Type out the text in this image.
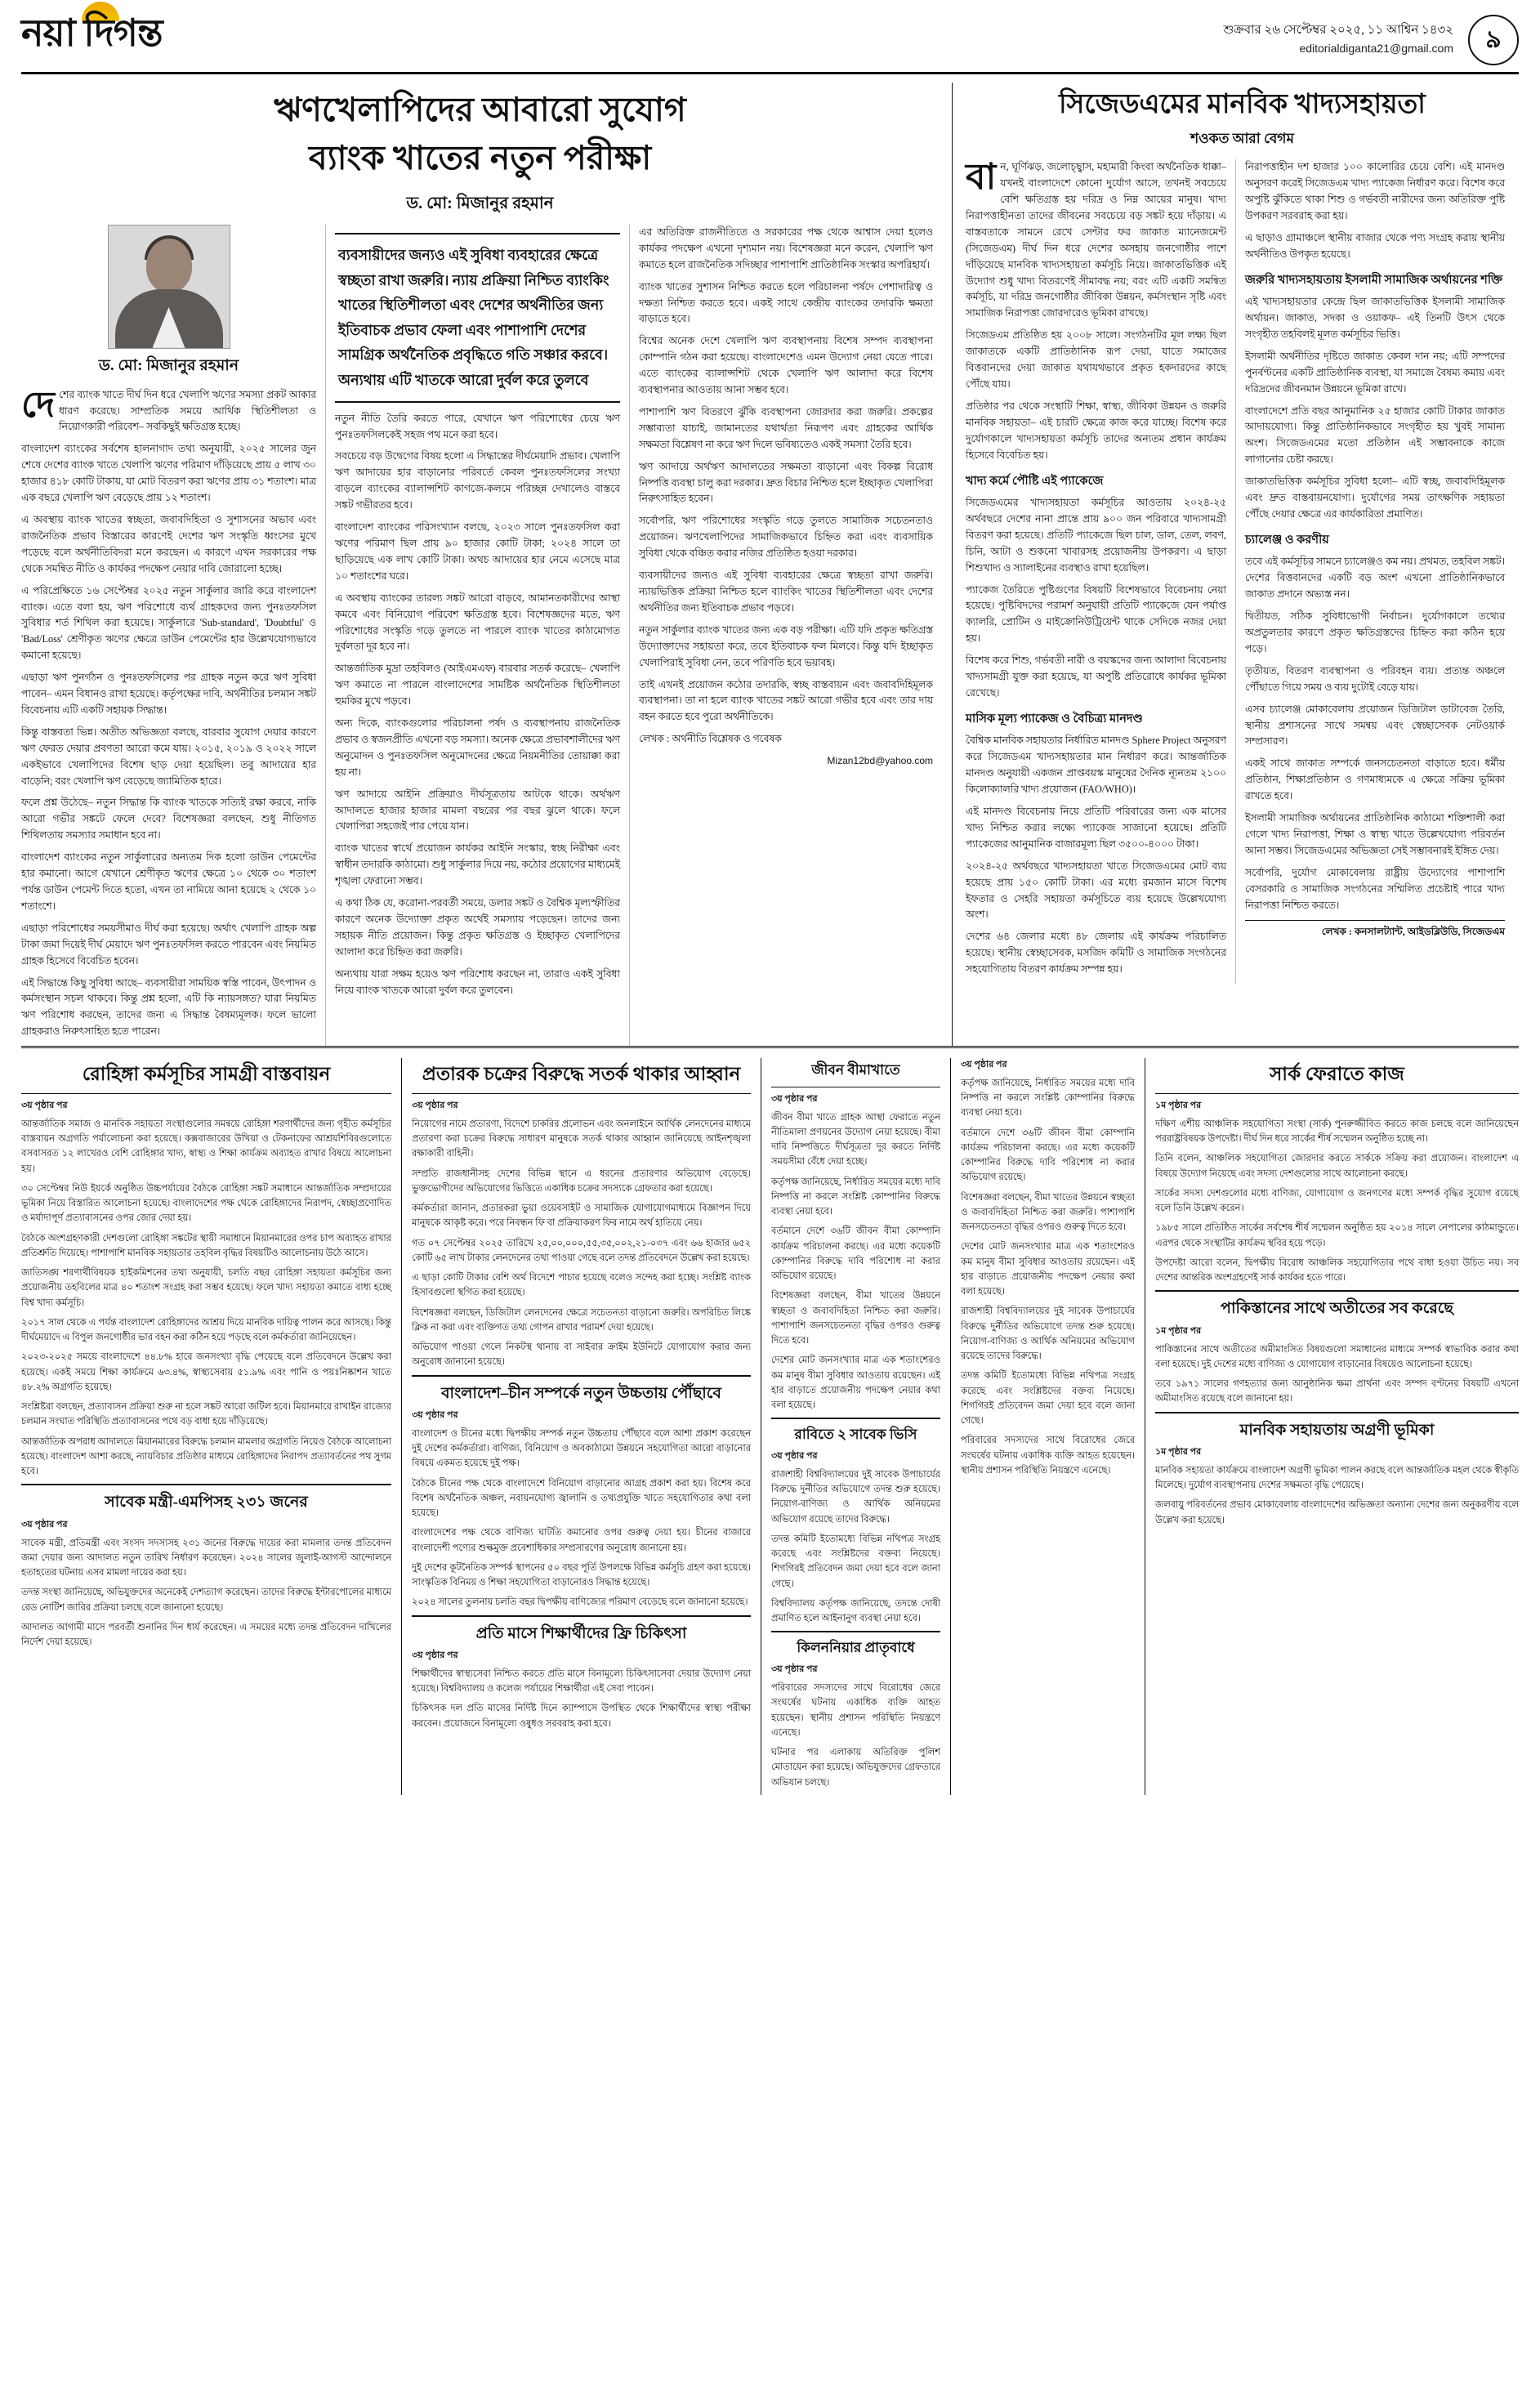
নয়া দিগন্ত	শুক্রবার ২৬ সেপ্টেম্বর ২০২৫, ১১ আশ্বিন ১৪৩২
editorialdiganta21@gmail.com	৯
ঋণখেলাপিদের আবারো সুযোগ
ব্যাংক খাতের নতুন পরীক্ষা
ড. মো: মিজানুর রহমান
ড. মো: মিজানুর রহমান

দেশের ব্যাংক খাতে দীর্ঘ দিন ধরে খেলাপি ঋণের সমস্যা প্রকট আকার ধারণ করেছে। সাম্প্রতিক সময়ে আর্থিক স্থিতিশীলতা ও নিয়োগকারী পরিবেশ– সবকিছুই ক্ষতিগ্রস্ত হচ্ছে।

বাংলাদেশ ব্যাংকের সর্বশেষ হালনাগাদ তথ্য অনুযায়ী, ২০২৫ সালের জুন শেষে দেশের ব্যাংক খাতে খেলাপি ঋণের পরিমাণ দাঁড়িয়েছে প্রায় ৫ লাখ ৩০ হাজার ৪১৮ কোটি টাকায়, যা মোট বিতরণ করা ঋণের প্রায় ৩১ শতাংশ। মাত্র এক বছরে খেলাপি ঋণ বেড়েছে প্রায় ১২ শতাংশ।

এ অবস্থায় ব্যাংক খাতের স্বচ্ছতা, জবাবদিহিতা ও সুশাসনের অভাব এবং রাজনৈতিক প্রভাব বিস্তারের কারণেই দেশের ঋণ সংস্কৃতি ধ্বংসের মুখে পড়েছে বলে অর্থনীতিবিদরা মনে করছেন। এ কারণে এখন সরকারের পক্ষ থেকে সমন্বিত নীতি ও কার্যকর পদক্ষেপ নেয়ার দাবি জোরালো হচ্ছে।

এ পরিপ্রেক্ষিতে ১৬ সেপ্টেম্বর ২০২৫ নতুন সার্কুলার জারি করে বাংলাদেশ ব্যাংক। এতে বলা হয়, ঋণ পরিশোধে ব্যর্থ গ্রাহকদের জন্য পুনঃতফসিল সুবিধার শর্ত শিথিল করা হয়েছে। সার্কুলারে 'Sub-standard', 'Doubtful' ও 'Bad/Loss' শ্রেণীকৃত ঋণের ক্ষেত্রে ডাউন পেমেন্টের হার উল্লেখযোগ্যভাবে কমানো হয়েছে।

এছাড়া ঋণ পুনর্গঠন ও পুনঃতফসিলের পর গ্রাহক নতুন করে ঋণ সুবিধা পাবেন– এমন বিধানও রাখা হয়েছে। কর্তৃপক্ষের দাবি, অর্থনীতির চলমান সঙ্কট বিবেচনায় এটি একটি সহায়ক সিদ্ধান্ত।

কিন্তু বাস্তবতা ভিন্ন। অতীত অভিজ্ঞতা বলছে, বারবার সুযোগ দেয়ার কারণে ঋণ ফেরত দেয়ার প্রবণতা আরো কমে যায়। ২০১৫, ২০১৯ ও ২০২২ সালে একইভাবে খেলাপিদের বিশেষ ছাড় দেয়া হয়েছিল। তবু আদায়ের হার বাড়েনি; বরং খেলাপি ঋণ বেড়েছে জ্যামিতিক হারে।

ফলে প্রশ্ন উঠেছে– নতুন সিদ্ধান্ত কি ব্যাংক খাতকে সত্যিই রক্ষা করবে, নাকি আরো গভীর সঙ্কটে ফেলে দেবে? বিশেষজ্ঞরা বলছেন, শুধু নীতিগত শিথিলতায় সমস্যার সমাধান হবে না।

বাংলাদেশ ব্যাংকের নতুন সার্কুলারের অন্যতম দিক হলো ডাউন পেমেন্টের হার কমানো। আগে যেখানে শ্রেণীকৃত ঋণের ক্ষেত্রে ১০ থেকে ৩০ শতাংশ পর্যন্ত ডাউন পেমেন্ট দিতে হতো, এখন তা নামিয়ে আনা হয়েছে ২ থেকে ১০ শতাংশে।

এছাড়া পরিশোধের সময়সীমাও দীর্ঘ করা হয়েছে। অর্থাৎ খেলাপি গ্রাহক অল্প টাকা জমা দিয়েই দীর্ঘ মেয়াদে ঋণ পুনঃতফসিল করতে পারবেন এবং নিয়মিত গ্রাহক হিসেবে বিবেচিত হবেন।

এই সিদ্ধান্তে কিছু সুবিধা আছে– ব্যবসায়ীরা সাময়িক স্বস্তি পাবেন, উৎপাদন ও কর্মসংস্থান সচল থাকবে। কিন্তু প্রশ্ন হলো, এটি কি ন্যায়সঙ্গত? যারা নিয়মিত ঋণ পরিশোধ করছেন, তাদের জন্য এ সিদ্ধান্ত বৈষম্যমূলক। ফলে ভালো গ্রাহকরাও নিরুৎসাহিত হতে পারেন।

ব্যবসায়ীদের জন্যও এই সুবিধা ব্যবহারের ক্ষেত্রে স্বচ্ছতা রাখা জরুরি। ন্যায় প্রক্রিয়া নিশ্চিত ব্যাংকিং খাতের স্থিতিশীলতা এবং দেশের অর্থনীতির জন্য ইতিবাচক প্রভাব ফেলা এবং পাশাপাশি দেশের সামগ্রিক অর্থনৈতিক প্রবৃদ্ধিতে গতি সঞ্চার করবে। অন্যথায় এটি খাতকে আরো দুর্বল করে তুলবে

নতুন নীতি তৈরি করতে পারে, যেখানে ঋণ পরিশোধের চেয়ে ঋণ পুনঃতফসিলকেই সহজ পথ মনে করা হবে।

সবচেয়ে বড় উদ্বেগের বিষয় হলো এ সিদ্ধান্তের দীর্ঘমেয়াদি প্রভাব। খেলাপি ঋণ আদায়ের হার বাড়ানোর পরিবর্তে কেবল পুনঃতফসিলের সংখ্যা বাড়লে ব্যাংকের ব্যালান্সশিট কাগজে-কলমে পরিচ্ছন্ন দেখালেও বাস্তবে সঙ্কট গভীরতর হবে।

বাংলাদেশ ব্যাংকের পরিসংখ্যান বলছে, ২০২৩ সালে পুনঃতফসিল করা ঋণের পরিমাণ ছিল প্রায় ৯০ হাজার কোটি টাকা; ২০২৪ সালে তা ছাড়িয়েছে এক লাখ কোটি টাকা। অথচ আদায়ের হার নেমে এসেছে মাত্র ১০ শতাংশের ঘরে।

এ অবস্থায় ব্যাংকের তারল্য সঙ্কট আরো বাড়বে, আমানতকারীদের আস্থা কমবে এবং বিনিয়োগ পরিবেশ ক্ষতিগ্রস্ত হবে। বিশেষজ্ঞদের মতে, ঋণ পরিশোধের সংস্কৃতি গড়ে তুলতে না পারলে ব্যাংক খাতের কাঠামোগত দুর্বলতা দূর হবে না।

আন্তর্জাতিক মুদ্রা তহবিলও (আইএমএফ) বারবার সতর্ক করেছে– খেলাপি ঋণ কমাতে না পারলে বাংলাদেশের সামষ্টিক অর্থনৈতিক স্থিতিশীলতা হুমকির মুখে পড়বে।

অন্য দিকে, ব্যাংকগুলোর পরিচালনা পর্ষদ ও ব্যবস্থাপনায় রাজনৈতিক প্রভাব ও স্বজনপ্রীতি এখনো বড় সমস্যা। অনেক ক্ষেত্রে প্রভাবশালীদের ঋণ অনুমোদন ও পুনঃতফসিল অনুমোদনের ক্ষেত্রে নিয়মনীতির তোয়াক্কা করা হয় না।

ঋণ আদায়ে আইনি প্রক্রিয়াও দীর্ঘসূত্রতায় আটকে থাকে। অর্থঋণ আদালতে হাজার হাজার মামলা বছরের পর বছর ঝুলে থাকে। ফলে খেলাপিরা সহজেই পার পেয়ে যান।

ব্যাংক খাতের স্বার্থে প্রয়োজন কার্যকর আইনি সংস্কার, স্বচ্ছ নিরীক্ষা এবং স্বাধীন তদারকি কাঠামো। শুধু সার্কুলার দিয়ে নয়, কঠোর প্রয়োগের মাধ্যমেই শৃঙ্খলা ফেরানো সম্ভব।

এ কথা ঠিক যে, করোনা-পরবর্তী সময়ে, ডলার সঙ্কট ও বৈশ্বিক মূল্যস্ফীতির কারণে অনেক উদ্যোক্তা প্রকৃত অর্থেই সমস্যায় পড়েছেন। তাদের জন্য সহায়ক নীতি প্রয়োজন। কিন্তু প্রকৃত ক্ষতিগ্রস্ত ও ইচ্ছাকৃত খেলাপিদের আলাদা করে চিহ্নিত করা জরুরি।

অন্যথায় যারা সক্ষম হয়েও ঋণ পরিশোধ করছেন না, তারাও একই সুবিধা নিয়ে ব্যাংক খাতকে আরো দুর্বল করে তুলবেন।

এর অতিরিক্ত রাজনীতিতে ও সরকারের পক্ষ থেকে আশ্বাস দেয়া হলেও কার্যকর পদক্ষেপ এখনো দৃশ্যমান নয়। বিশেষজ্ঞরা মনে করেন, খেলাপি ঋণ কমাতে হলে রাজনৈতিক সদিচ্ছার পাশাপাশি প্রাতিষ্ঠানিক সংস্কার অপরিহার্য।

ব্যাংক খাতের সুশাসন নিশ্চিত করতে হলে পরিচালনা পর্ষদে পেশাদারিত্ব ও দক্ষতা নিশ্চিত করতে হবে। একই সাথে কেন্দ্রীয় ব্যাংকের তদারকি ক্ষমতা বাড়াতে হবে।

বিশ্বের অনেক দেশে খেলাপি ঋণ ব্যবস্থাপনায় বিশেষ সম্পদ ব্যবস্থাপনা কোম্পানি গঠন করা হয়েছে। বাংলাদেশেও এমন উদ্যোগ নেয়া যেতে পারে। এতে ব্যাংকের ব্যালান্সশিট থেকে খেলাপি ঋণ আলাদা করে বিশেষ ব্যবস্থাপনার আওতায় আনা সম্ভব হবে।

পাশাপাশি ঋণ বিতরণে ঝুঁকি ব্যবস্থাপনা জোরদার করা জরুরি। প্রকল্পের সম্ভাব্যতা যাচাই, জামানতের যথার্থতা নিরূপণ এবং গ্রাহকের আর্থিক সক্ষমতা বিশ্লেষণ না করে ঋণ দিলে ভবিষ্যতেও একই সমস্যা তৈরি হবে।

ঋণ আদায়ে অর্থঋণ আদালতের সক্ষমতা বাড়ানো এবং বিকল্প বিরোধ নিষ্পত্তি ব্যবস্থা চালু করা দরকার। দ্রুত বিচার নিশ্চিত হলে ইচ্ছাকৃত খেলাপিরা নিরুৎসাহিত হবেন।

সর্বোপরি, ঋণ পরিশোধের সংস্কৃতি গড়ে তুলতে সামাজিক সচেতনতাও প্রয়োজন। ঋণখেলাপিদের সামাজিকভাবে চিহ্নিত করা এবং ব্যবসায়িক সুবিধা থেকে বঞ্চিত করার নজির প্রতিষ্ঠিত হওয়া দরকার।

ব্যবসায়ীদের জন্যও এই সুবিধা ব্যবহারের ক্ষেত্রে স্বচ্ছতা রাখা জরুরি। ন্যায়ভিত্তিক প্রক্রিয়া নিশ্চিত হলে ব্যাংকিং খাতের স্থিতিশীলতা এবং দেশের অর্থনীতির জন্য ইতিবাচক প্রভাব পড়বে।

নতুন সার্কুলার ব্যাংক খাতের জন্য এক বড় পরীক্ষা। এটি যদি প্রকৃত ক্ষতিগ্রস্ত উদ্যোক্তাদের সহায়তা করে, তবে ইতিবাচক ফল মিলবে। কিন্তু যদি ইচ্ছাকৃত খেলাপিরাই সুবিধা নেন, তবে পরিণতি হবে ভয়াবহ।

তাই এখনই প্রয়োজন কঠোর তদারকি, স্বচ্ছ বাস্তবায়ন এবং জবাবদিহিমূলক ব্যবস্থাপনা। তা না হলে ব্যাংক খাতের সঙ্কট আরো গভীর হবে এবং তার দায় বহন করতে হবে পুরো অর্থনীতিকে।

লেখক : অর্থনীতি বিশ্লেষক ও গবেষক

Mizan12bd@yahoo.com
সিজেডএমের মানবিক খাদ্যসহায়তা
শওকত আরা বেগম

বান, ঘূর্ণিঝড়, জলোচ্ছ্বাস, মহামারী কিংবা অর্থনৈতিক ধাক্কা– যখনই বাংলাদেশে কোনো দুর্যোগ আসে, তখনই সবচেয়ে বেশি ক্ষতিগ্রস্ত হয় দরিদ্র ও নিম্ন আয়ের মানুষ। খাদ্য নিরাপত্তাহীনতা তাদের জীবনের সবচেয়ে বড় সঙ্কট হয়ে দাঁড়ায়। এ বাস্তবতাকে সামনে রেখে সেন্টার ফর জাকাত ম্যানেজমেন্ট (সিজেডএম) দীর্ঘ দিন ধরে দেশের অসহায় জনগোষ্ঠীর পাশে দাঁড়িয়েছে মানবিক খাদ্যসহায়তা কর্মসূচি নিয়ে। জাকাতভিত্তিক এই উদ্যোগ শুধু খাদ্য বিতরণেই সীমাবদ্ধ নয়; বরং এটি একটি সমন্বিত কর্মসূচি, যা দরিদ্র জনগোষ্ঠীর জীবিকা উন্নয়ন, কর্মসংস্থান সৃষ্টি এবং সামাজিক নিরাপত্তা জোরদারেও ভূমিকা রাখছে।

সিজেডএম প্রতিষ্ঠিত হয় ২০০৮ সালে। সংগঠনটির মূল লক্ষ্য ছিল জাকাতকে একটি প্রাতিষ্ঠানিক রূপ দেয়া, যাতে সমাজের বিত্তবানদের দেয়া জাকাত যথাযথভাবে প্রকৃত হকদারদের কাছে পৌঁছে যায়।

প্রতিষ্ঠার পর থেকে সংস্থাটি শিক্ষা, স্বাস্থ্য, জীবিকা উন্নয়ন ও জরুরি মানবিক সহায়তা– এই চারটি ক্ষেত্রে কাজ করে যাচ্ছে। বিশেষ করে দুর্যোগকালে খাদ্যসহায়তা কর্মসূচি তাদের অন্যতম প্রধান কার্যক্রম হিসেবে বিবেচিত হয়।

খাদ্য কর্মে পৌষ্টি এই প্যাকেজে

সিজেডএমের খাদ্যসহায়তা কর্মসূচির আওতায় ২০২৪-২৫ অর্থবছরে দেশের নানা প্রান্তে প্রায় ৯০০ জন পরিবারে খাদ্যসামগ্রী বিতরণ করা হয়েছে। প্রতিটি প্যাকেজে ছিল চাল, ডাল, তেল, লবণ, চিনি, আটা ও শুকনো খাবারসহ প্রয়োজনীয় উপকরণ। এ ছাড়া শিশুখাদ্য ও স্যালাইনের ব্যবস্থাও রাখা হয়েছিল।

প্যাকেজ তৈরিতে পুষ্টিগুণের বিষয়টি বিশেষভাবে বিবেচনায় নেয়া হয়েছে। পুষ্টিবিদদের পরামর্শ অনুযায়ী প্রতিটি প্যাকেজে যেন পর্যাপ্ত ক্যালরি, প্রোটিন ও মাইক্রোনিউট্রিয়েন্ট থাকে সেদিকে নজর দেয়া হয়।

বিশেষ করে শিশু, গর্ভবতী নারী ও বয়স্কদের জন্য আলাদা বিবেচনায় খাদ্যসামগ্রী যুক্ত করা হয়েছে, যা অপুষ্টি প্রতিরোধে কার্যকর ভূমিকা রেখেছে।

মাসিক মূল্য প্যাকেজ ও বৈচিত্র্য মানদণ্ড

বৈশ্বিক মানবিক সহায়তার নির্ধারিত মানদণ্ড Sphere Project অনুসরণ করে সিজেডএম খাদ্যসহায়তার মান নির্ধারণ করে। আন্তর্জাতিক মানদণ্ড অনুযায়ী একজন প্রাপ্তবয়স্ক মানুষের দৈনিক ন্যূনতম ২১০০ কিলোক্যালরি খাদ্য প্রয়োজন (FAO/WHO)।

এই মানদণ্ড বিবেচনায় নিয়ে প্রতিটি পরিবারের জন্য এক মাসের খাদ্য নিশ্চিত করার লক্ষ্যে প্যাকেজ সাজানো হয়েছে। প্রতিটি প্যাকেজের আনুমানিক বাজারমূল্য ছিল ৩৫০০-৪০০০ টাকা।

২০২৪-২৫ অর্থবছরে খাদ্যসহায়তা খাতে সিজেডএমের মোট ব্যয় হয়েছে প্রায় ১৫০ কোটি টাকা। এর মধ্যে রমজান মাসে বিশেষ ইফতার ও সেহরি সহায়তা কর্মসূচিতে ব্যয় হয়েছে উল্লেখযোগ্য অংশ।

দেশের ৬৪ জেলার মধ্যে ৪৮ জেলায় এই কার্যক্রম পরিচালিত হয়েছে। স্থানীয় স্বেচ্ছাসেবক, মসজিদ কমিটি ও সামাজিক সংগঠনের সহযোগিতায় বিতরণ কার্যক্রম সম্পন্ন হয়।

নিরাপত্তাহীন দশ হাজার ১০০ কালোরির চেয়ে বেশি। এই মানদণ্ড অনুসরণ করেই সিজেডএম খাদ্য প্যাকেজ নির্ধারণ করে। বিশেষ করে অপুষ্টি ঝুঁকিতে থাকা শিশু ও গর্ভবতী নারীদের জন্য অতিরিক্ত পুষ্টি উপকরণ সরবরাহ করা হয়।

এ ছাড়াও গ্রামাঞ্চলে স্থানীয় বাজার থেকে পণ্য সংগ্রহ করায় স্থানীয় অর্থনীতিও উপকৃত হয়েছে।

জরুরি খাদ্যসহায়তায় ইসলামী সামাজিক অর্থায়নের শক্তি

এই খাদ্যসহায়তার কেন্দ্রে ছিল জাকাতভিত্তিক ইসলামী সামাজিক অর্থায়ন। জাকাত, সদকা ও ওয়াকফ– এই তিনটি উৎস থেকে সংগৃহীত তহবিলই মূলত কর্মসূচির ভিত্তি।

ইসলামী অর্থনীতির দৃষ্টিতে জাকাত কেবল দান নয়; এটি সম্পদের পুনর্বণ্টনের একটি প্রাতিষ্ঠানিক ব্যবস্থা, যা সমাজে বৈষম্য কমায় এবং দরিদ্রদের জীবনমান উন্নয়নে ভূমিকা রাখে।

বাংলাদেশে প্রতি বছর আনুমানিক ২৫ হাজার কোটি টাকার জাকাত আদায়যোগ্য। কিন্তু প্রাতিষ্ঠানিকভাবে সংগৃহীত হয় খুবই সামান্য অংশ। সিজেডএমের মতো প্রতিষ্ঠান এই সম্ভাবনাকে কাজে লাগানোর চেষ্টা করছে।

জাকাতভিত্তিক কর্মসূচির সুবিধা হলো– এটি স্বচ্ছ, জবাবদিহিমূলক এবং দ্রুত বাস্তবায়নযোগ্য। দুর্যোগের সময় তাৎক্ষণিক সহায়তা পৌঁছে দেয়ার ক্ষেত্রে এর কার্যকারিতা প্রমাণিত।

চ্যালেঞ্জ ও করণীয়

তবে এই কর্মসূচির সামনে চ্যালেঞ্জও কম নয়। প্রথমত, তহবিল সঙ্কট। দেশের বিত্তবানদের একটি বড় অংশ এখনো প্রাতিষ্ঠানিকভাবে জাকাত প্রদানে অভ্যস্ত নন।

দ্বিতীয়ত, সঠিক সুবিধাভোগী নির্বাচন। দুর্যোগকালে তথ্যের অপ্রতুলতার কারণে প্রকৃত ক্ষতিগ্রস্তদের চিহ্নিত করা কঠিন হয়ে পড়ে।

তৃতীয়ত, বিতরণ ব্যবস্থাপনা ও পরিবহন ব্যয়। প্রত্যন্ত অঞ্চলে পৌঁছাতে গিয়ে সময় ও ব্যয় দুটোই বেড়ে যায়।

এসব চ্যালেঞ্জ মোকাবেলায় প্রয়োজন ডিজিটাল ডাটাবেজ তৈরি, স্থানীয় প্রশাসনের সাথে সমন্বয় এবং স্বেচ্ছাসেবক নেটওয়ার্ক সম্প্রসারণ।

একই সাথে জাকাত সম্পর্কে জনসচেতনতা বাড়াতে হবে। ধর্মীয় প্রতিষ্ঠান, শিক্ষাপ্রতিষ্ঠান ও গণমাধ্যমকে এ ক্ষেত্রে সক্রিয় ভূমিকা রাখতে হবে।

ইসলামী সামাজিক অর্থায়নের প্রাতিষ্ঠানিক কাঠামো শক্তিশালী করা গেলে খাদ্য নিরাপত্তা, শিক্ষা ও স্বাস্থ্য খাতে উল্লেখযোগ্য পরিবর্তন আনা সম্ভব। সিজেডএমের অভিজ্ঞতা সেই সম্ভাবনারই ইঙ্গিত দেয়।

সর্বোপরি, দুর্যোগ মোকাবেলায় রাষ্ট্রীয় উদ্যোগের পাশাপাশি বেসরকারি ও সামাজিক সংগঠনের সম্মিলিত প্রচেষ্টাই পারে খাদ্য নিরাপত্তা নিশ্চিত করতে।

লেখক : কনসালট্যান্ট, আইডব্লিউডি, সিজেডএম
রোহিঙ্গা কর্মসূচির সামগ্রী বাস্তবায়ন
৩য় পৃষ্ঠার পর

আন্তর্জাতিক সমাজ ও মানবিক সহায়তা সংস্থাগুলোর সমন্বয়ে রোহিঙ্গা শরণার্থীদের জন্য গৃহীত কর্মসূচির বাস্তবায়ন অগ্রগতি পর্যালোচনা করা হয়েছে। কক্সবাজারের উখিয়া ও টেকনাফের আশ্রয়শিবিরগুলোতে বসবাসরত ১২ লাখেরও বেশি রোহিঙ্গার খাদ্য, স্বাস্থ্য ও শিক্ষা কার্যক্রম অব্যাহত রাখার বিষয়ে আলোচনা হয়।

৩০ সেপ্টেম্বর নিউ ইয়র্কে অনুষ্ঠিত উচ্চপর্যায়ের বৈঠকে রোহিঙ্গা সঙ্কট সমাধানে আন্তর্জাতিক সম্প্রদায়ের ভূমিকা নিয়ে বিস্তারিত আলোচনা হয়েছে। বাংলাদেশের পক্ষ থেকে রোহিঙ্গাদের নিরাপদ, স্বেচ্ছাপ্রণোদিত ও মর্যাদাপূর্ণ প্রত্যাবাসনের ওপর জোর দেয়া হয়।

বৈঠকে অংশগ্রহণকারী দেশগুলো রোহিঙ্গা সঙ্কটের স্থায়ী সমাধানে মিয়ানমারের ওপর চাপ অব্যাহত রাখার প্রতিশ্রুতি দিয়েছে। পাশাপাশি মানবিক সহায়তার তহবিল বৃদ্ধির বিষয়টিও আলোচনায় উঠে আসে।

জাতিসঙ্ঘ শরণার্থীবিষয়ক হাইকমিশনের তথ্য অনুযায়ী, চলতি বছর রোহিঙ্গা সহায়তা কর্মসূচির জন্য প্রয়োজনীয় তহবিলের মাত্র ৪০ শতাংশ সংগ্রহ করা সম্ভব হয়েছে। ফলে খাদ্য সহায়তা কমাতে বাধ্য হচ্ছে বিশ্ব খাদ্য কর্মসূচি।

২০১৭ সাল থেকে এ পর্যন্ত বাংলাদেশ রোহিঙ্গাদের আশ্রয় দিয়ে মানবিক দায়িত্ব পালন করে আসছে। কিন্তু দীর্ঘমেয়াদে এ বিপুল জনগোষ্ঠীর ভার বহন করা কঠিন হয়ে পড়ছে বলে কর্মকর্তারা জানিয়েছেন।

২০২৩-২০২৫ সময়ে বাংলাদেশে ৪৪.৮% হারে জনসংখ্যা বৃদ্ধি পেয়েছে বলে প্রতিবেদনে উল্লেখ করা হয়েছে। একই সময়ে শিক্ষা কার্যক্রমে ৬৩.৪%, স্বাস্থ্যসেবায় ৫১.৯% এবং পানি ও পয়ঃনিষ্কাশন খাতে ৪৮.২% অগ্রগতি হয়েছে।

সংশ্লিষ্টরা বলছেন, প্রত্যাবাসন প্রক্রিয়া শুরু না হলে সঙ্কট আরো জটিল হবে। মিয়ানমারে রাখাইন রাজ্যের চলমান সংঘাত পরিস্থিতি প্রত্যাবাসনের পথে বড় বাধা হয়ে দাঁড়িয়েছে।

আন্তর্জাতিক অপরাধ আদালতে মিয়ানমারের বিরুদ্ধে চলমান মামলার অগ্রগতি নিয়েও বৈঠকে আলোচনা হয়েছে। বাংলাদেশ আশা করছে, ন্যায়বিচার প্রতিষ্ঠার মাধ্যমে রোহিঙ্গাদের নিরাপদ প্রত্যাবর্তনের পথ সুগম হবে।

সাবেক মন্ত্রী-এমপিসহ ২৩১ জনের
৩য় পৃষ্ঠার পর

সাবেক মন্ত্রী, প্রতিমন্ত্রী এবং সংসদ সদস্যসহ ২৩১ জনের বিরুদ্ধে দায়ের করা মামলার তদন্ত প্রতিবেদন জমা দেয়ার জন্য আদালত নতুন তারিখ নির্ধারণ করেছেন। ২০২৪ সালের জুলাই-আগস্ট আন্দোলনে হতাহতের ঘটনায় এসব মামলা দায়ের করা হয়।

তদন্ত সংস্থা জানিয়েছে, অভিযুক্তদের অনেকেই দেশত্যাগ করেছেন। তাদের বিরুদ্ধে ইন্টারপোলের মাধ্যমে রেড নোটিশ জারির প্রক্রিয়া চলছে বলে জানানো হয়েছে।

আদালত আগামী মাসে পরবর্তী শুনানির দিন ধার্য করেছেন। এ সময়ের মধ্যে তদন্ত প্রতিবেদন দাখিলের নির্দেশ দেয়া হয়েছে।

প্রতারক চক্রের বিরুদ্ধে সতর্ক থাকার আহ্বান
৩য় পৃষ্ঠার পর

নিয়োগের নামে প্রতারণা, বিদেশে চাকরির প্রলোভন এবং অনলাইনে আর্থিক লেনদেনের মাধ্যমে প্রতারণা করা চক্রের বিরুদ্ধে সাধারণ মানুষকে সতর্ক থাকার আহ্বান জানিয়েছে আইনশৃঙ্খলা রক্ষাকারী বাহিনী।

সম্প্রতি রাজধানীসহ দেশের বিভিন্ন স্থানে এ ধরনের প্রতারণার অভিযোগ বেড়েছে। ভুক্তভোগীদের অভিযোগের ভিত্তিতে একাধিক চক্রের সদস্যকে গ্রেফতার করা হয়েছে।

কর্মকর্তারা জানান, প্রতারকরা ভুয়া ওয়েবসাইট ও সামাজিক যোগাযোগমাধ্যমে বিজ্ঞাপন দিয়ে মানুষকে আকৃষ্ট করে। পরে নিবন্ধন ফি বা প্রক্রিয়াকরণ ফির নামে অর্থ হাতিয়ে নেয়।

গত ০৭ সেপ্টেম্বর ২০২৫ তারিখে ২৫,০০,০০০,৫৫,৩৫,০০২,২১-০৩৭ এবং ৬৬ হাজার ৬৫২ কোটি ৬৫ লাখ টাকার লেনদেনের তথ্য পাওয়া গেছে বলে তদন্ত প্রতিবেদনে উল্লেখ করা হয়েছে।

এ ছাড়া কোটি টাকার বেশি অর্থ বিদেশে পাচার হয়েছে বলেও সন্দেহ করা হচ্ছে। সংশ্লিষ্ট ব্যাংক হিসাবগুলো স্থগিত করা হয়েছে।

বিশেষজ্ঞরা বলছেন, ডিজিটাল লেনদেনের ক্ষেত্রে সচেতনতা বাড়ানো জরুরি। অপরিচিত লিঙ্কে ক্লিক না করা এবং ব্যক্তিগত তথ্য গোপন রাখার পরামর্শ দেয়া হয়েছে।

অভিযোগ পাওয়া গেলে নিকটস্থ থানায় বা সাইবার ক্রাইম ইউনিটে যোগাযোগ করার জন্য অনুরোধ জানানো হয়েছে।

বাংলাদেশ–চীন সম্পর্কে নতুন উচ্চতায় পৌঁছাবে
৩য় পৃষ্ঠার পর

বাংলাদেশ ও চীনের মধ্যে দ্বিপক্ষীয় সম্পর্ক নতুন উচ্চতায় পৌঁছাবে বলে আশা প্রকাশ করেছেন দুই দেশের কর্মকর্তারা। বাণিজ্য, বিনিয়োগ ও অবকাঠামো উন্নয়নে সহযোগিতা আরো বাড়ানোর বিষয়ে একমত হয়েছে দুই পক্ষ।

বৈঠকে চীনের পক্ষ থেকে বাংলাদেশে বিনিয়োগ বাড়ানোর আগ্রহ প্রকাশ করা হয়। বিশেষ করে বিশেষ অর্থনৈতিক অঞ্চল, নবায়নযোগ্য জ্বালানি ও তথ্যপ্রযুক্তি খাতে সহযোগিতার কথা বলা হয়েছে।

বাংলাদেশের পক্ষ থেকে বাণিজ্য ঘাটতি কমানোর ওপর গুরুত্ব দেয়া হয়। চীনের বাজারে বাংলাদেশী পণ্যের শুল্কমুক্ত প্রবেশাধিকার সম্প্রসারণের অনুরোধ জানানো হয়।

দুই দেশের কূটনৈতিক সম্পর্ক স্থাপনের ৫০ বছর পূর্তি উপলক্ষে বিভিন্ন কর্মসূচি গ্রহণ করা হয়েছে। সাংস্কৃতিক বিনিময় ও শিক্ষা সহযোগিতা বাড়ানোরও সিদ্ধান্ত হয়েছে।

২০২৪ সালের তুলনায় চলতি বছর দ্বিপক্ষীয় বাণিজ্যের পরিমাণ বেড়েছে বলে জানানো হয়েছে।

প্রতি মাসে শিক্ষার্থীদের ফ্রি চিকিৎসা
৩য় পৃষ্ঠার পর

শিক্ষার্থীদের স্বাস্থ্যসেবা নিশ্চিত করতে প্রতি মাসে বিনামূল্যে চিকিৎসাসেবা দেয়ার উদ্যোগ নেয়া হয়েছে। বিশ্ববিদ্যালয় ও কলেজ পর্যায়ের শিক্ষার্থীরা এই সেবা পাবেন।

চিকিৎসক দল প্রতি মাসের নির্দিষ্ট দিনে ক্যাম্পাসে উপস্থিত থেকে শিক্ষার্থীদের স্বাস্থ্য পরীক্ষা করবেন। প্রয়োজনে বিনামূল্যে ওষুধও সরবরাহ করা হবে।

জীবন বীমাখাতে
৩য় পৃষ্ঠার পর

জীবন বীমা খাতে গ্রাহক আস্থা ফেরাতে নতুন নীতিমালা প্রণয়নের উদ্যোগ নেয়া হয়েছে। বীমা দাবি নিষ্পত্তিতে দীর্ঘসূত্রতা দূর করতে নির্দিষ্ট সময়সীমা বেঁধে দেয়া হচ্ছে।

কর্তৃপক্ষ জানিয়েছে, নির্ধারিত সময়ের মধ্যে দাবি নিষ্পত্তি না করলে সংশ্লিষ্ট কোম্পানির বিরুদ্ধে ব্যবস্থা নেয়া হবে।

বর্তমানে দেশে ৩৬টি জীবন বীমা কোম্পানি কার্যক্রম পরিচালনা করছে। এর মধ্যে কয়েকটি কোম্পানির বিরুদ্ধে দাবি পরিশোধ না করার অভিযোগ রয়েছে।

বিশেষজ্ঞরা বলছেন, বীমা খাতের উন্নয়নে স্বচ্ছতা ও জবাবদিহিতা নিশ্চিত করা জরুরি। পাশাপাশি জনসচেতনতা বৃদ্ধির ওপরও গুরুত্ব দিতে হবে।

দেশের মোট জনসংখ্যার মাত্র এক শতাংশেরও কম মানুষ বীমা সুবিধার আওতায় রয়েছেন। এই হার বাড়াতে প্রয়োজনীয় পদক্ষেপ নেয়ার কথা বলা হয়েছে।

রাবিতে ২ সাবেক ভিসি
৩য় পৃষ্ঠার পর

রাজশাহী বিশ্ববিদ্যালয়ের দুই সাবেক উপাচার্যের বিরুদ্ধে দুর্নীতির অভিযোগে তদন্ত শুরু হয়েছে। নিয়োগ-বাণিজ্য ও আর্থিক অনিয়মের অভিযোগ রয়েছে তাদের বিরুদ্ধে।

তদন্ত কমিটি ইতোমধ্যে বিভিন্ন নথিপত্র সংগ্রহ করেছে এবং সংশ্লিষ্টদের বক্তব্য নিয়েছে। শিগগিরই প্রতিবেদন জমা দেয়া হবে বলে জানা গেছে।

বিশ্ববিদ্যালয় কর্তৃপক্ষ জানিয়েছে, তদন্তে দোষী প্রমাণিত হলে আইনানুগ ব্যবস্থা নেয়া হবে।

কিলননিয়ার প্রাতৃবাধে
৩য় পৃষ্ঠার পর

পরিবারের সদস্যদের সাথে বিরোধের জেরে সংঘর্ষের ঘটনায় একাধিক ব্যক্তি আহত হয়েছেন। স্থানীয় প্রশাসন পরিস্থিতি নিয়ন্ত্রণে এনেছে।

ঘটনার পর এলাকায় অতিরিক্ত পুলিশ মোতায়েন করা হয়েছে। অভিযুক্তদের গ্রেফতারে অভিযান চলছে।

৩য় পৃষ্ঠার পর

কর্তৃপক্ষ জানিয়েছে, নির্ধারিত সময়ের মধ্যে দাবি নিষ্পত্তি না করলে সংশ্লিষ্ট কোম্পানির বিরুদ্ধে ব্যবস্থা নেয়া হবে।

বর্তমানে দেশে ৩৬টি জীবন বীমা কোম্পানি কার্যক্রম পরিচালনা করছে। এর মধ্যে কয়েকটি কোম্পানির বিরুদ্ধে দাবি পরিশোধ না করার অভিযোগ রয়েছে।

বিশেষজ্ঞরা বলছেন, বীমা খাতের উন্নয়নে স্বচ্ছতা ও জবাবদিহিতা নিশ্চিত করা জরুরি। পাশাপাশি জনসচেতনতা বৃদ্ধির ওপরও গুরুত্ব দিতে হবে।

দেশের মোট জনসংখ্যার মাত্র এক শতাংশেরও কম মানুষ বীমা সুবিধার আওতায় রয়েছেন। এই হার বাড়াতে প্রয়োজনীয় পদক্ষেপ নেয়ার কথা বলা হয়েছে।

রাজশাহী বিশ্ববিদ্যালয়ের দুই সাবেক উপাচার্যের বিরুদ্ধে দুর্নীতির অভিযোগে তদন্ত শুরু হয়েছে। নিয়োগ-বাণিজ্য ও আর্থিক অনিয়মের অভিযোগ রয়েছে তাদের বিরুদ্ধে।

তদন্ত কমিটি ইতোমধ্যে বিভিন্ন নথিপত্র সংগ্রহ করেছে এবং সংশ্লিষ্টদের বক্তব্য নিয়েছে। শিগগিরই প্রতিবেদন জমা দেয়া হবে বলে জানা গেছে।

পরিবারের সদস্যদের সাথে বিরোধের জেরে সংঘর্ষের ঘটনায় একাধিক ব্যক্তি আহত হয়েছেন। স্থানীয় প্রশাসন পরিস্থিতি নিয়ন্ত্রণে এনেছে।

সার্ক ফেরাতে কাজ
১ম পৃষ্ঠার পর

দক্ষিণ এশীয় আঞ্চলিক সহযোগিতা সংস্থা (সার্ক) পুনরুজ্জীবিত করতে কাজ চলছে বলে জানিয়েছেন পররাষ্ট্রবিষয়ক উপদেষ্টা। দীর্ঘ দিন ধরে সার্কের শীর্ষ সম্মেলন অনুষ্ঠিত হচ্ছে না।

তিনি বলেন, আঞ্চলিক সহযোগিতা জোরদার করতে সার্ককে সক্রিয় করা প্রয়োজন। বাংলাদেশ এ বিষয়ে উদ্যোগ নিয়েছে এবং সদস্য দেশগুলোর সাথে আলোচনা করছে।

সার্কের সদস্য দেশগুলোর মধ্যে বাণিজ্য, যোগাযোগ ও জনগণের মধ্যে সম্পর্ক বৃদ্ধির সুযোগ রয়েছে বলে তিনি উল্লেখ করেন।

১৯৮৫ সালে প্রতিষ্ঠিত সার্কের সর্বশেষ শীর্ষ সম্মেলন অনুষ্ঠিত হয় ২০১৪ সালে নেপালের কাঠমান্ডুতে। এরপর থেকে সংস্থাটির কার্যক্রম স্থবির হয়ে পড়ে।

উপদেষ্টা আরো বলেন, দ্বিপক্ষীয় বিরোধ আঞ্চলিক সহযোগিতার পথে বাধা হওয়া উচিত নয়। সব দেশের আন্তরিক অংশগ্রহণেই সার্ক কার্যকর হতে পারে।

পাকিস্তানের সাথে অতীতের সব করেছে
১ম পৃষ্ঠার পর

পাকিস্তানের সাথে অতীতের অমীমাংসিত বিষয়গুলো সমাধানের মাধ্যমে সম্পর্ক স্বাভাবিক করার কথা বলা হয়েছে। দুই দেশের মধ্যে বাণিজ্য ও যোগাযোগ বাড়ানোর বিষয়েও আলোচনা হয়েছে।

তবে ১৯৭১ সালের গণহত্যার জন্য আনুষ্ঠানিক ক্ষমা প্রার্থনা এবং সম্পদ বণ্টনের বিষয়টি এখনো অমীমাংসিত রয়েছে বলে জানানো হয়।

মানবিক সহায়তায় অগ্রণী ভূমিকা
১ম পৃষ্ঠার পর

মানবিক সহায়তা কার্যক্রমে বাংলাদেশ অগ্রণী ভূমিকা পালন করছে বলে আন্তর্জাতিক মহল থেকে স্বীকৃতি মিলেছে। দুর্যোগ ব্যবস্থাপনায় দেশের সক্ষমতা বৃদ্ধি পেয়েছে।

জলবায়ু পরিবর্তনের প্রভাব মোকাবেলায় বাংলাদেশের অভিজ্ঞতা অন্যান্য দেশের জন্য অনুকরণীয় বলে উল্লেখ করা হয়েছে।
